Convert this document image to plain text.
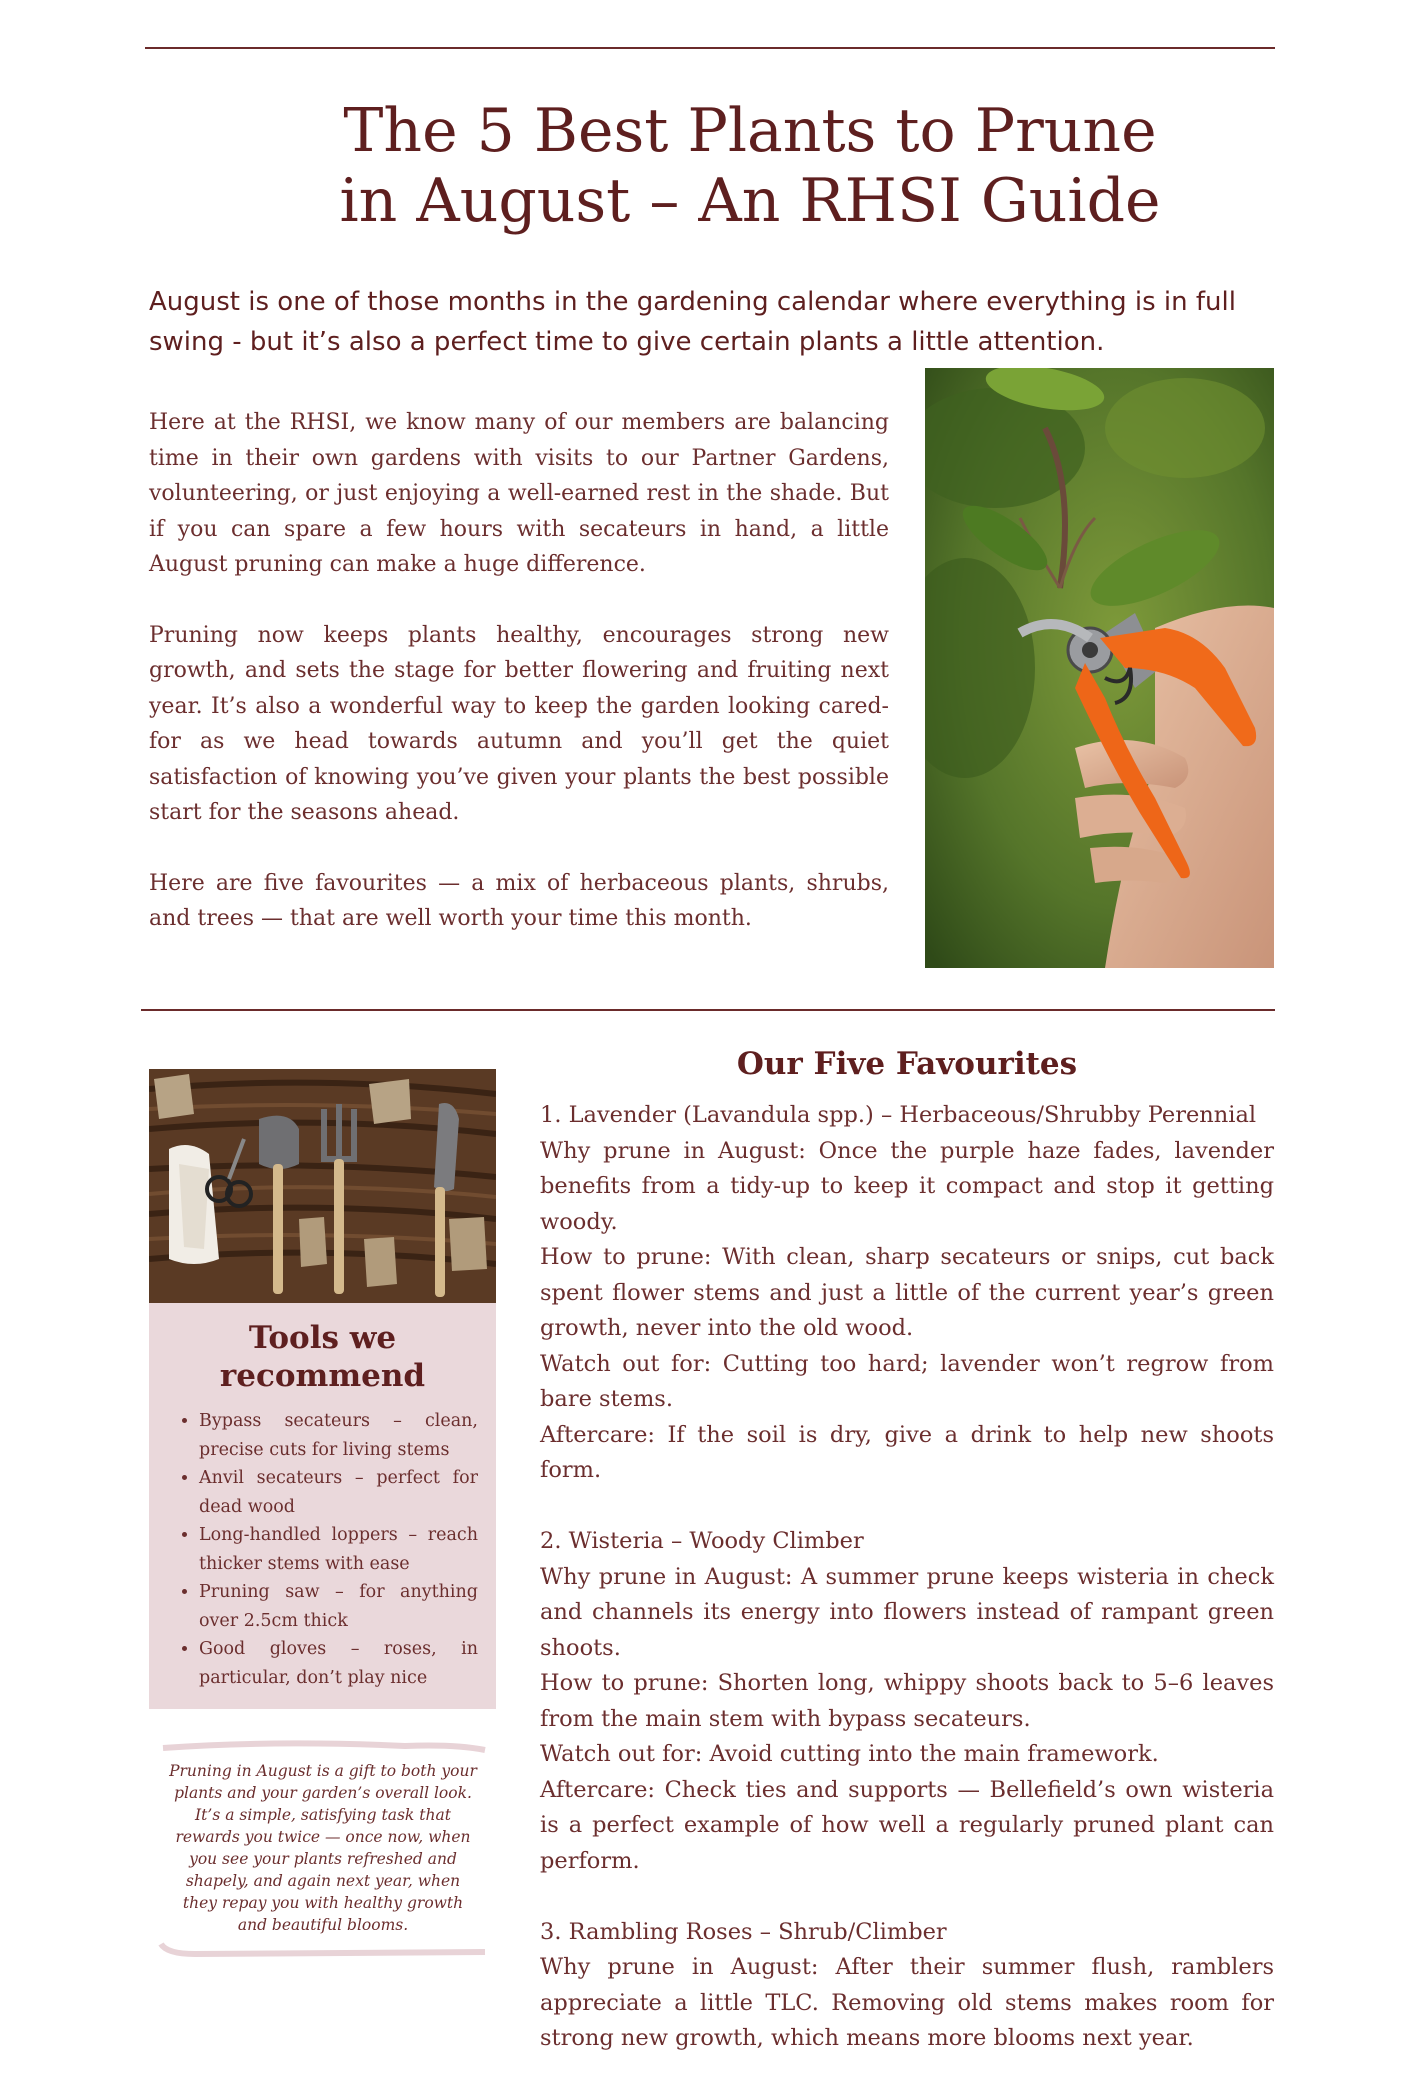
The 5 Best Plants to Prune
in August – An RHSI Guide

August is one of those months in the gardening calendar where everything is in full swing - but it’s also a perfect time to give certain plants a little attention.

Here at the RHSI, we know many of our members are balancing time in their own gardens with visits to our Partner Gardens, volunteering, or just enjoying a well-earned rest in the shade. But if you can spare a few hours with secateurs in hand, a little August pruning can make a huge difference.

Pruning now keeps plants healthy, encourages strong new growth, and sets the stage for better flowering and fruiting next year. It’s also a wonderful way to keep the garden looking cared-for as we head towards autumn and you’ll get the quiet satisfaction of knowing you’ve given your plants the best possible start for the seasons ahead.

Here are five favourites — a mix of herbaceous plants, shrubs, and trees — that are well worth your time this month.

Tools we recommend
• Bypass secateurs – clean, precise cuts for living stems
• Anvil secateurs – perfect for dead wood
• Long-handled loppers – reach thicker stems with ease
• Pruning saw – for anything over 2.5cm thick
• Good gloves – roses, in particular, don’t play nice
Pruning in August is a gift to both your plants and your garden’s overall look. It’s a simple, satisfying task that rewards you twice — once now, when you see your plants refreshed and shapely, and again next year, when they repay you with healthy growth and beautiful blooms.
Our Five Favourites

1. Lavender (Lavandula spp.) – Herbaceous/Shrubby Perennial

Why prune in August: Once the purple haze fades, lavender benefits from a tidy-up to keep it compact and stop it getting woody.

How to prune: With clean, sharp secateurs or snips, cut back spent flower stems and just a little of the current year’s green growth, never into the old wood.

Watch out for: Cutting too hard; lavender won’t regrow from bare stems.

Aftercare: If the soil is dry, give a drink to help new shoots form.

2. Wisteria – Woody Climber

Why prune in August: A summer prune keeps wisteria in check and channels its energy into flowers instead of rampant green shoots.

How to prune: Shorten long, whippy shoots back to 5–6 leaves from the main stem with bypass secateurs.

Watch out for: Avoid cutting into the main framework.

Aftercare: Check ties and supports — Bellefield’s own wisteria is a perfect example of how well a regularly pruned plant can perform.

3. Rambling Roses – Shrub/Climber

Why prune in August: After their summer flush, ramblers appreciate a little TLC. Removing old stems makes room for strong new growth, which means more blooms next year.
